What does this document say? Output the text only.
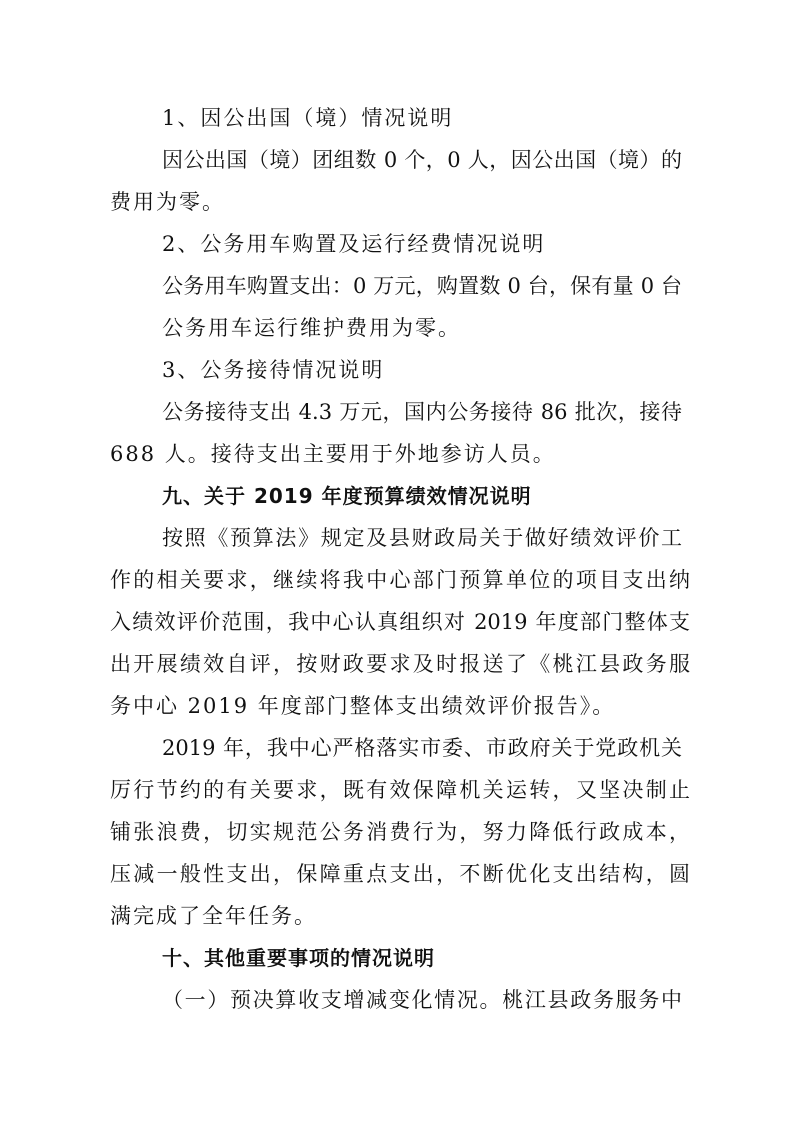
1、因公出国（境）情况说明
因公出国（境）团组数 0 个，0 人，因公出国（境）的
费用为零。
2、公务用车购置及运行经费情况说明
公务用车购置支出：0 万元，购置数 0 台，保有量 0 台
公务用车运行维护费用为零。
3、公务接待情况说明
公务接待支出 4.3 万元，国内公务接待 86 批次，接待
688 人。接待支出主要用于外地参访人员。
九、关于 2019 年度预算绩效情况说明
按照《预算法》规定及县财政局关于做好绩效评价工
作的相关要求，继续将我中心部门预算单位的项目支出纳
入绩效评价范围，我中心认真组织对 2019 年度部门整体支
出开展绩效自评，按财政要求及时报送了《桃江县政务服
务中心 2019 年度部门整体支出绩效评价报告》。
2019 年，我中心严格落实市委、市政府关于党政机关
厉行节约的有关要求，既有效保障机关运转，又坚决制止
铺张浪费，切实规范公务消费行为，努力降低行政成本，
压减一般性支出，保障重点支出，不断优化支出结构，圆
满完成了全年任务。
十、其他重要事项的情况说明
（一）预决算收支增减变化情况。桃江县政务服务中
